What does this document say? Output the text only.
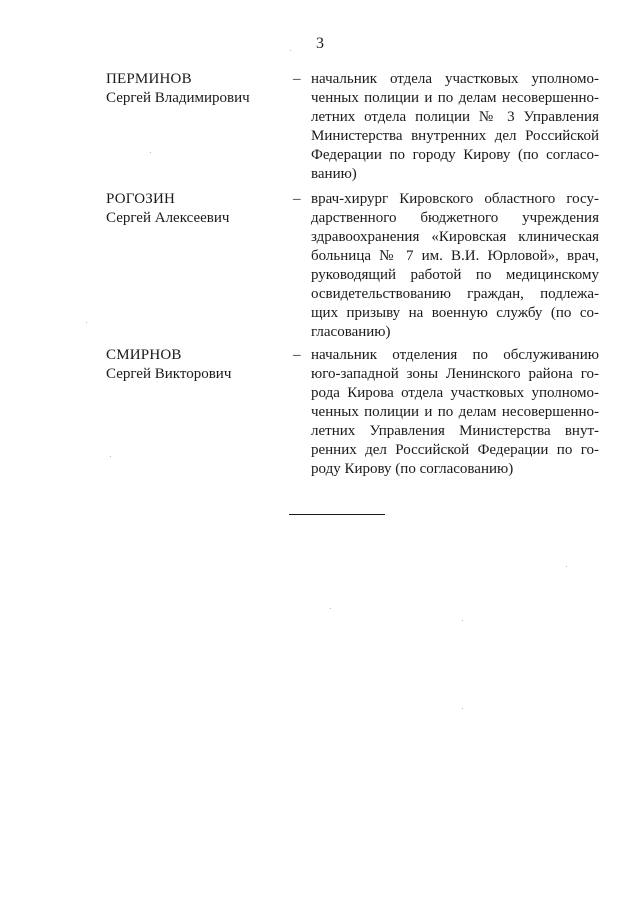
3
ПЕРМИНОВ
Сергей Владимирович
– начальник отдела участковых уполномо-
ченных полиции и по делам несовершенно-
летних отдела полиции № 3 Управления
Министерства внутренних дел Российской
Федерации по городу Кирову (по согласо-
ванию)
РОГОЗИН
Сергей Алексеевич
– врач-хирург Кировского областного госу-
дарственного бюджетного учреждения
здравоохранения «Кировская клиническая
больница № 7 им. В.И. Юрловой», врач,
руководящий работой по медицинскому
освидетельствованию граждан, подлежа-
щих призыву на военную службу (по со-
гласованию)
СМИРНОВ
Сергей Викторович
– начальник отделения по обслуживанию
юго-западной зоны Ленинского района го-
рода Кирова отдела участковых уполномо-
ченных полиции и по делам несовершенно-
летних Управления Министерства внут-
ренних дел Российской Федерации по го-
роду Кирову (по согласованию)
